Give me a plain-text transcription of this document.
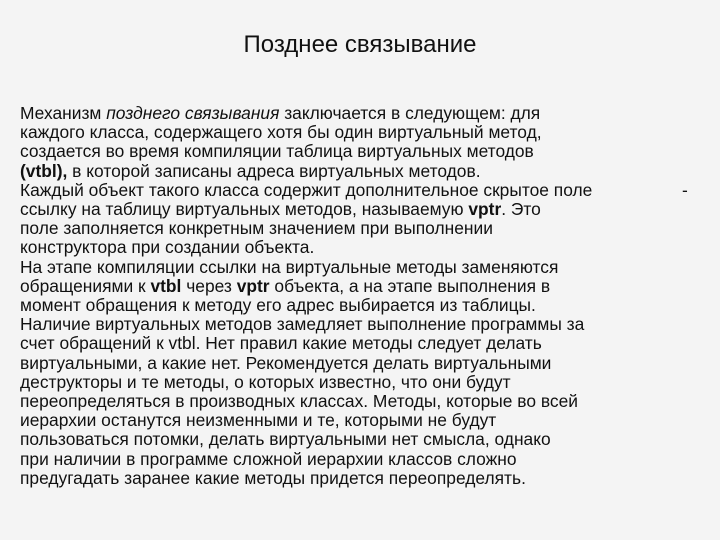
Позднее связывание
Механизм позднего связывания заключается в следующем: для
каждого класса, содержащего хотя бы один виртуальный метод,
создается во время компиляции таблица виртуальных методов
(vtbl), в которой записаны адреса виртуальных методов.
Каждый объект такого класса содержит дополнительное скрытое поле	-
ссылку на таблицу виртуальных методов, называемую vptr. Это
поле заполняется конкретным значением при выполнении
конструктора при создании объекта.
На этапе компиляции ссылки на виртуальные методы заменяются
обращениями к vtbl через vptr объекта, а на этапе выполнения в
момент обращения к методу его адрес выбирается из таблицы.
Наличие виртуальных методов замедляет выполнение программы за
счет обращений к vtbl. Нет правил какие методы следует делать
виртуальными, а какие нет. Рекомендуется делать виртуальными
деструкторы и те методы, о которых известно, что они будут
переопределяться в производных классах. Методы, которые во всей
иерархии останутся неизменными и те, которыми не будут
пользоваться потомки, делать виртуальными нет смысла, однако
при наличии в программе сложной иерархии классов сложно
предугадать заранее какие методы придется переопределять.
